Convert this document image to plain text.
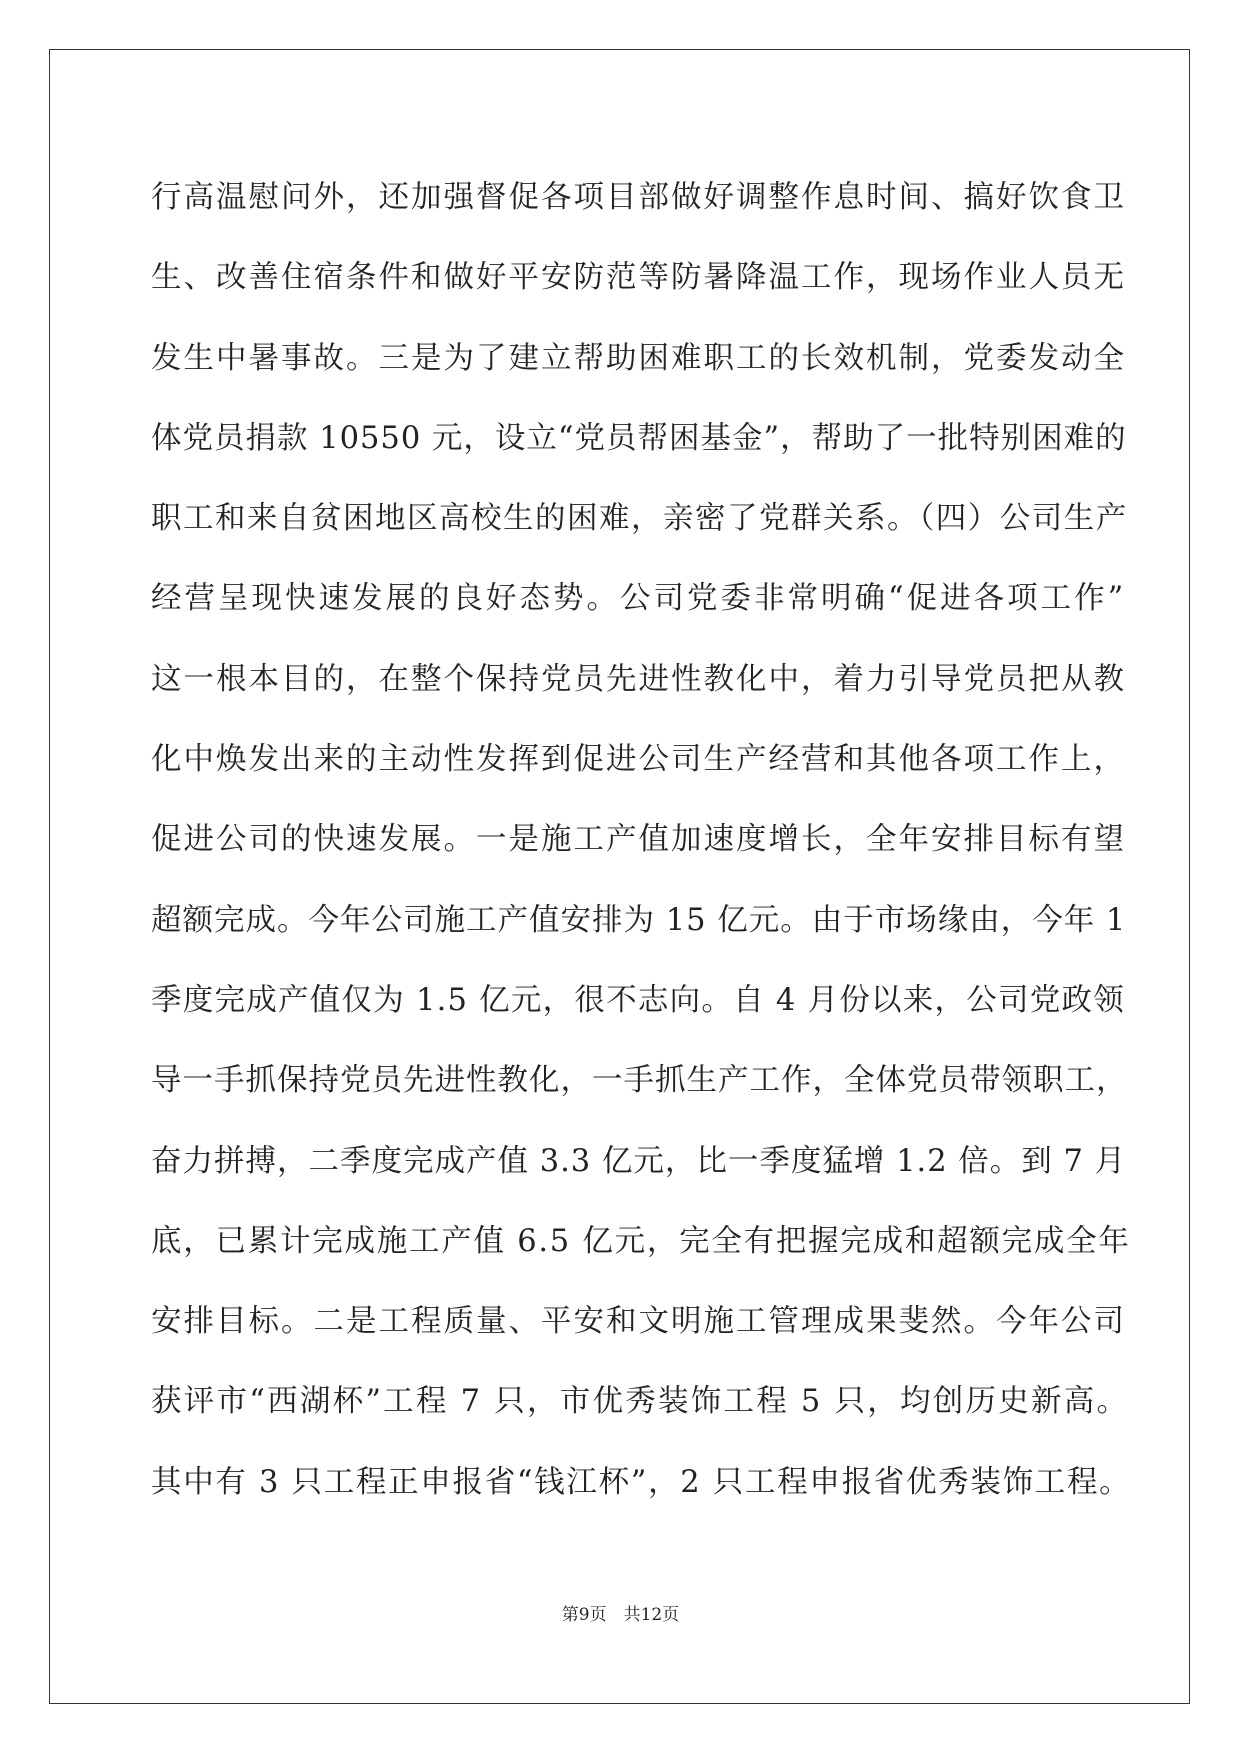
行高温慰问外，还加强督促各项目部做好调整作息时间、搞好饮食卫

生、改善住宿条件和做好平安防范等防暑降温工作，现场作业人员无

发生中暑事故。三是为了建立帮助困难职工的长效机制，党委发动全

体党员捐款 10550 元，设立“党员帮困基金”，帮助了一批特别困难的

职工和来自贫困地区高校生的困难，亲密了党群关系。（四）公司生产

经营呈现快速发展的良好态势。公司党委非常明确“促进各项工作”

这一根本目的，在整个保持党员先进性教化中，着力引导党员把从教

化中焕发出来的主动性发挥到促进公司生产经营和其他各项工作上，

促进公司的快速发展。一是施工产值加速度增长，全年安排目标有望

超额完成。今年公司施工产值安排为 15 亿元。由于市场缘由，今年 1

季度完成产值仅为 1.5 亿元，很不志向。自 4 月份以来，公司党政领

导一手抓保持党员先进性教化，一手抓生产工作，全体党员带领职工，

奋力拼搏，二季度完成产值 3.3 亿元，比一季度猛增 1.2 倍。到 7 月

底，已累计完成施工产值 6.5 亿元，完全有把握完成和超额完成全年

安排目标。二是工程质量、平安和文明施工管理成果斐然。今年公司

获评市“西湖杯”工程 7 只，市优秀装饰工程 5 只，均创历史新高。

其中有 3 只工程正申报省“钱江杯”，2 只工程申报省优秀装饰工程。

第9页　共12页
